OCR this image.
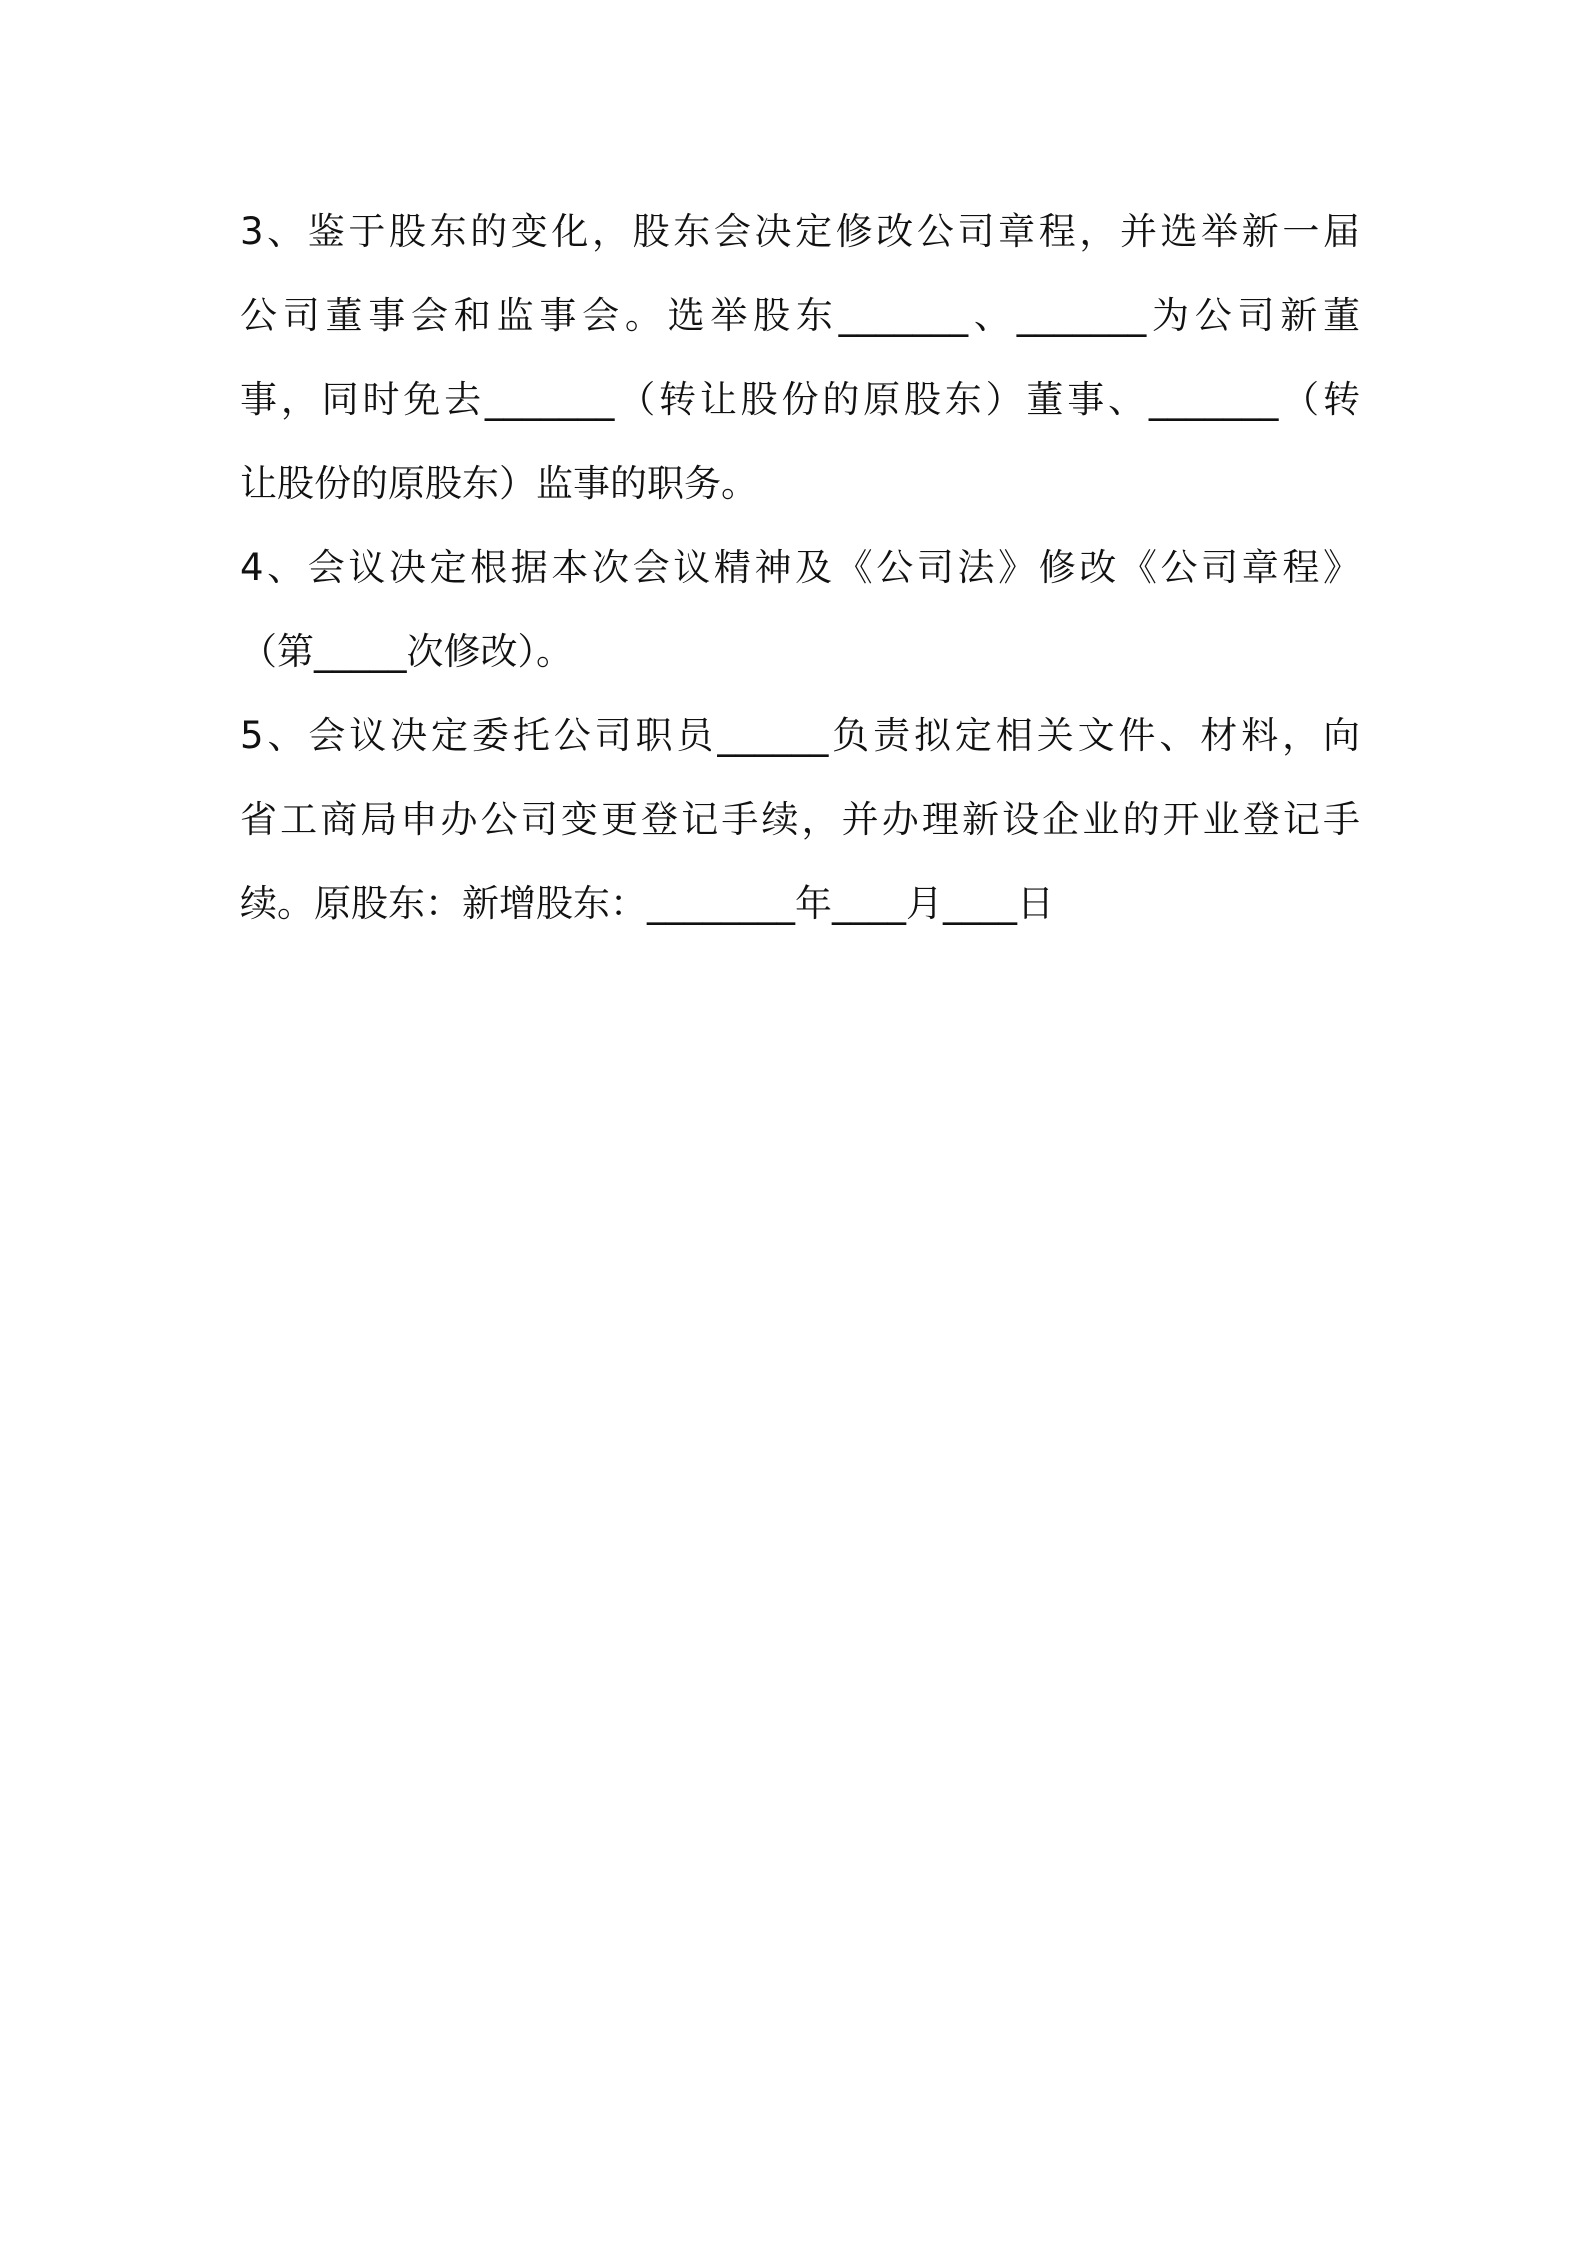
3、鉴于股东的变化，股东会决定修改公司章程，并选举新一届
公司董事会和监事会。选举股东_______、_______为公司新董
事，同时免去_______（转让股份的原股东）董事、_______（转
让股份的原股东）监事的职务。
4、会议决定根据本次会议精神及《公司法》修改《公司章程》
（第_____次修改）。
5、会议决定委托公司职员______负责拟定相关文件、材料，向
省工商局申办公司变更登记手续，并办理新设企业的开业登记手
续。原股东：新增股东：________年____月____日
